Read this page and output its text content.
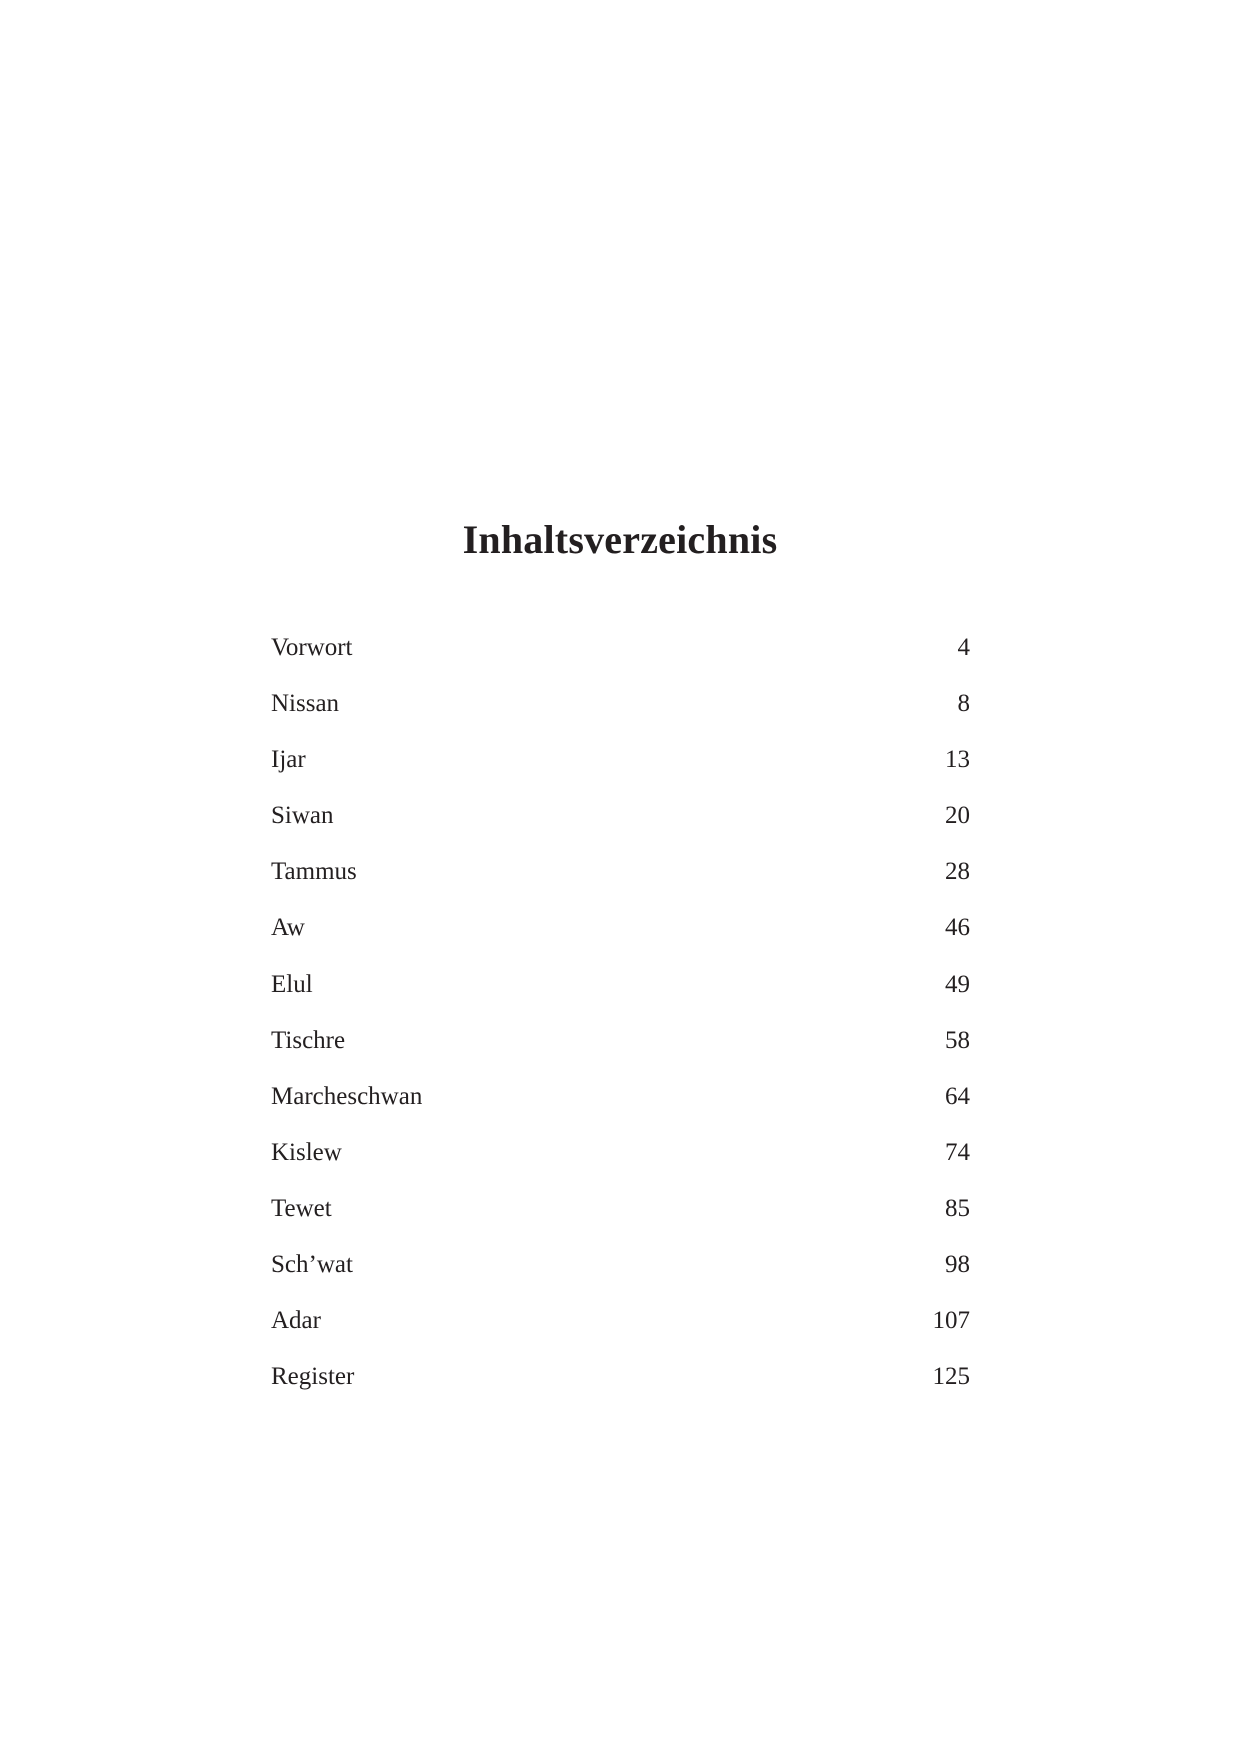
Inhaltsverzeichnis
Vorwort	4
Nissan	8
Ijar	13
Siwan	20
Tammus	28
Aw	46
Elul	49
Tischre	58
Marcheschwan	64
Kislew	74
Tewet	85
Sch’wat	98
Adar	107
Register	125
